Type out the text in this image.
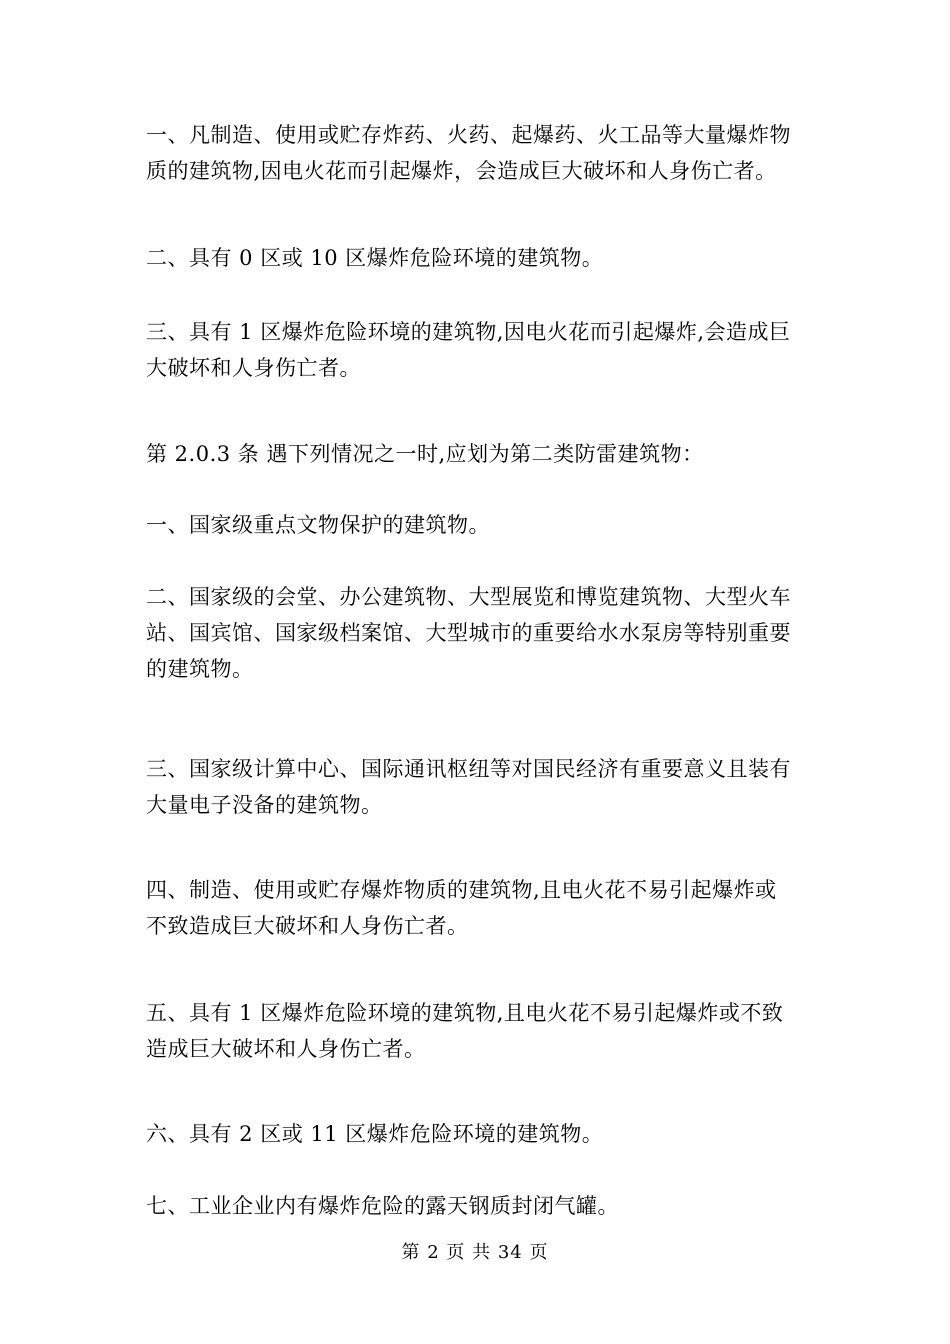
一、凡制造、使用或贮存炸药、火药、起爆药、火工品等大量爆炸物
质的建筑物,因电火花而引起爆炸，会造成巨大破坏和人身伤亡者。

二、具有 0 区或 10 区爆炸危险环境的建筑物。

三、具有 1 区爆炸危险环境的建筑物,因电火花而引起爆炸,会造成巨
大破坏和人身伤亡者。

第 2.0.3 条 遇下列情况之一时,应划为第二类防雷建筑物：

一、国家级重点文物保护的建筑物。

二、国家级的会堂、办公建筑物、大型展览和博览建筑物、大型火车
站、国宾馆、国家级档案馆、大型城市的重要给水水泵房等特别重要
的建筑物。

三、国家级计算中心、国际通讯枢纽等对国民经济有重要意义且装有
大量电子没备的建筑物。

四、制造、使用或贮存爆炸物质的建筑物,且电火花不易引起爆炸或
不致造成巨大破坏和人身伤亡者。

五、具有 1 区爆炸危险环境的建筑物,且电火花不易引起爆炸或不致
造成巨大破坏和人身伤亡者。

六、具有 2 区或 11 区爆炸危险环境的建筑物。

七、工业企业内有爆炸危险的露天钢质封闭气罐。

第 2 页 共 34 页
